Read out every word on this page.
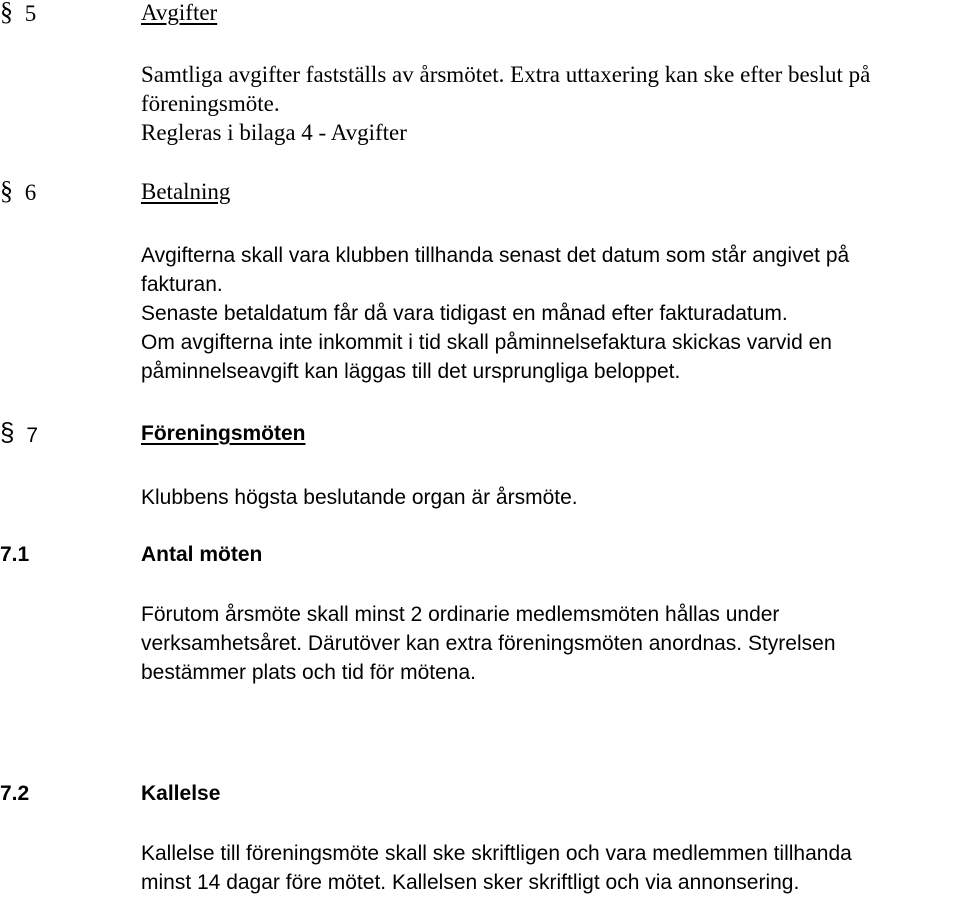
§ 5	Avgifter
Samtliga avgifter fastställs av årsmötet. Extra uttaxering kan ske efter beslut på
föreningsmöte.
Regleras i bilaga 4 - Avgifter
§ 6	Betalning
Avgifterna skall vara klubben tillhanda senast det datum som står angivet på
fakturan.
Senaste betaldatum får då vara tidigast en månad efter fakturadatum.
Om avgifterna inte inkommit i tid skall påminnelsefaktura skickas varvid en
påminnelseavgift kan läggas till det ursprungliga beloppet.
§ 7	Föreningsmöten
Klubbens högsta beslutande organ är årsmöte.
7.1	Antal möten
Förutom årsmöte skall minst 2 ordinarie medlemsmöten hållas under
verksamhetsåret. Därutöver kan extra föreningsmöten anordnas. Styrelsen
bestämmer plats och tid för mötena.
7.2	Kallelse
Kallelse till föreningsmöte skall ske skriftligen och vara medlemmen tillhanda
minst 14 dagar före mötet. Kallelsen sker skriftligt och via annonsering.
